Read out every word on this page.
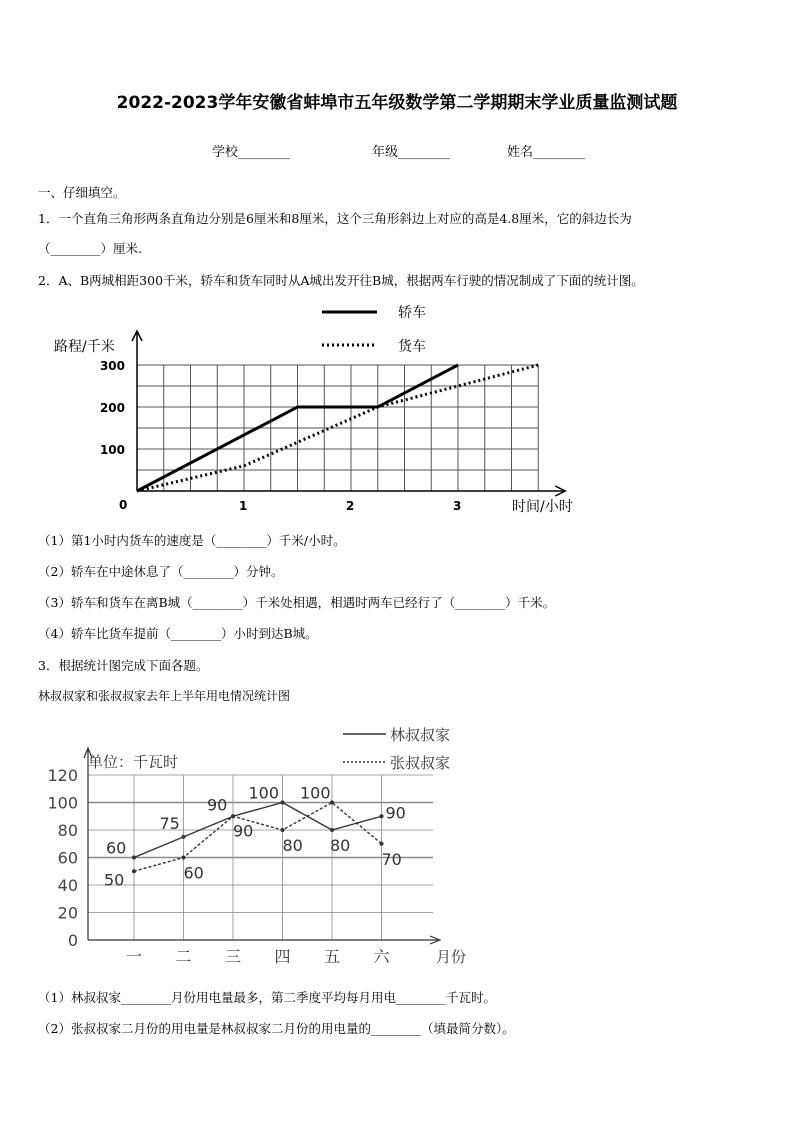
2022-2023学年安徽省蚌埠市五年级数学第二学期期末学业质量监测试题
学校________	年级________	姓名________
一、仔细填空。
1．一个直角三角形两条直角边分别是6厘米和8厘米，这个三角形斜边上对应的高是4.8厘米，它的斜边长为
（________）厘米.
2．A、B两城相距300千米，轿车和货车同时从A城出发开往B城，根据两车行驶的情况制成了下面的统计图。
轿车
货车
路程/千米
时间/小时
0	1	2	3
100
200
300
（1）第1小时内货车的速度是（________）千米/小时。
（2）轿车在中途休息了（________）分钟。
（3）轿车和货车在离B城（________）千米处相遇，相遇时两车已经行了（________）千米。
（4）轿车比货车提前（________）小时到达B城。
3．根据统计图完成下面各题。
林叔叔家和张叔叔家去年上半年用电情况统计图
林叔叔家
张叔叔家
单位：千瓦时
月份
0
20
40
60
80
100
120
一 二 三 四 五 六
60
75
90
100
80
90
50	60
90
80
100
70
（1）林叔叔家________月份用电量最多，第二季度平均每月用电________千瓦时。
（2）张叔叔家二月份的用电量是林叔叔家二月份的用电量的________（填最简分数）。
